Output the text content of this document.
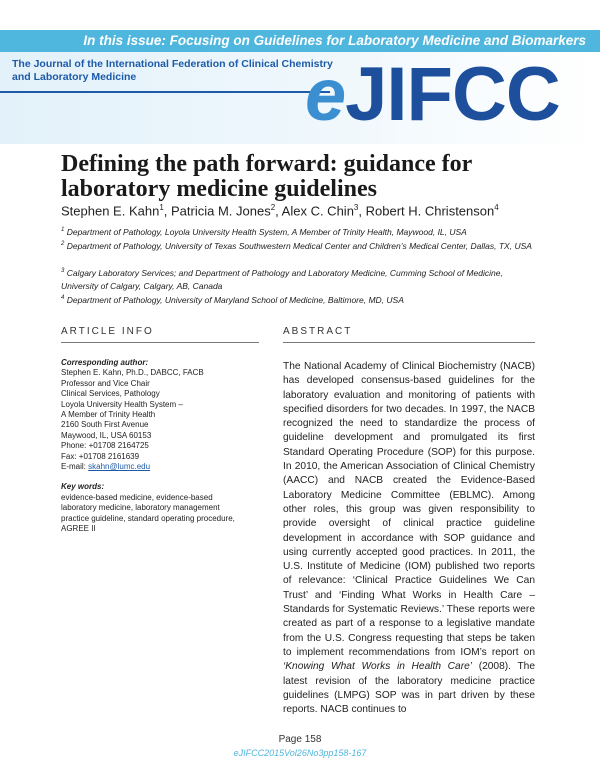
In this issue: Focusing on Guidelines for Laboratory Medicine and Biomarkers
The Journal of the International Federation of Clinical Chemistry
and Laboratory Medicine	eJIFCC
Defining the path forward: guidance for laboratory medicine guidelines
Stephen E. Kahn$^1$, Patricia M. Jones$^2$, Alex C. Chin$^3$, Robert H. Christenson$^4$
$^1$ Department of Pathology, Loyola University Health System, A Member of Trinity Health, Maywood, IL, USA
$^2$ Department of Pathology, University of Texas Southwestern Medical Center and Children’s Medical Center, Dallas, TX, USA
$^3$ Calgary Laboratory Services; and Department of Pathology and Laboratory Medicine, Cumming School of Medicine, University of Calgary, Calgary, AB, Canada
$^4$ Department of Pathology, University of Maryland School of Medicine, Baltimore, MD, USA
ARTICLE INFO	ABSTRACT
Corresponding author:
Stephen E. Kahn, Ph.D., DABCC, FACB
Professor and Vice Chair
Clinical Services, Pathology
Loyola University Health System –
A Member of Trinity Health
2160 South First Avenue
Maywood, IL, USA 60153
Phone: +01708 2164725
Fax: +01708 2161639
E-mail: skahn@lumc.edu
Key words:
evidence-based medicine, evidence-based laboratory medicine, laboratory management practice guideline, standard operating procedure, AGREE II
The National Academy of Clinical Biochemistry (NACB) has developed consensus-based guidelines for the laboratory evaluation and monitoring of patients with specified disorders for two decades. In 1997, the NACB recognized the need to standardize the process of guideline development and promulgated its first Standard Operating Procedure (SOP) for this purpose. In 2010, the American Association of Clinical Chemistry (AACC) and NACB created the Evidence-Based Laboratory Medicine Committee (EBLMC). Among other roles, this group was given responsibility to provide oversight of clinical practice guideline development in accordance with SOP guidance and using currently accepted good practices. In 2011, the U.S. Institute of Medicine (IOM) published two reports of relevance: ‘Clinical Practice Guidelines We Can Trust’ and ‘Finding What Works in Health Care – Standards for Systematic Reviews.’ These reports were created as part of a response to a legislative mandate from the U.S. Congress requesting that steps be taken to implement recommendations from IOM’s report on ‘Knowing What Works in Health Care’ (2008). The latest revision of the laboratory medicine practice guidelines (LMPG) SOP was in part driven by these reports. NACB continues to
Page 158
eJIFCC2015Vol26No3pp158-167
